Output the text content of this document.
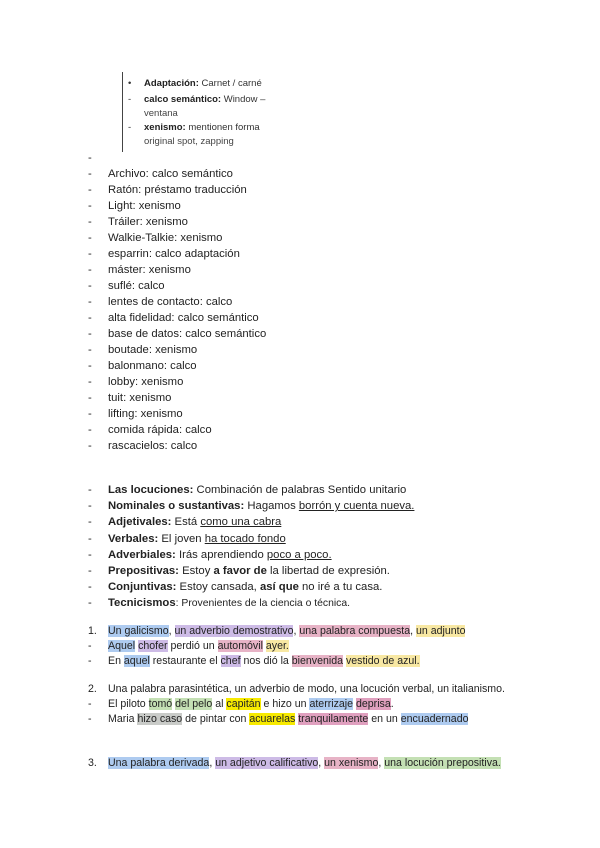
• Adaptación: Carnet / carné
- calco semántico: Window –
ventana
- xenismo: mentionen forma
original spot, zapping
-
- Archivo: calco semántico
- Ratón: préstamo traducción
- Light: xenismo
- Tráiler: xenismo
- Walkie-Talkie: xenismo
- esparrin: calco adaptación
- máster: xenismo
- suflé: calco
- lentes de contacto: calco
- alta fidelidad: calco semántico
- base de datos: calco semántico
- boutade: xenismo
- balonmano: calco
- lobby: xenismo
- tuit: xenismo
- lifting: xenismo
- comida rápida: calco
- rascacielos: calco
- Las locuciones: Combinación de palabras Sentido unitario
- Nominales o sustantivas: Hagamos borrón y cuenta nueva.
- Adjetivales: Está como una cabra
- Verbales: El joven ha tocado fondo
- Adverbiales: Irás aprendiendo poco a poco.
- Prepositivas: Estoy a favor de la libertad de expresión.
- Conjuntivas: Estoy cansada, así que no iré a tu casa.
- Tecnicismos: Provenientes de la ciencia o técnica.
1. Un galicismo, un adverbio demostrativo, una palabra compuesta, un adjunto
- Aquel chofer perdió un automóvil ayer.
- En aquel restaurante el chef nos dió la bienvenida vestido de azul.
2. Una palabra parasintética, un adverbio de modo, una locución verbal, un italianismo.
- El piloto tomó del pelo al capitán e hizo un aterrizaje deprisa.
- Maria hizo caso de pintar con acuarelas tranquilamente en un encuadernado
3. Una palabra derivada, un adjetivo calificativo, un xenismo, una locución prepositiva.
